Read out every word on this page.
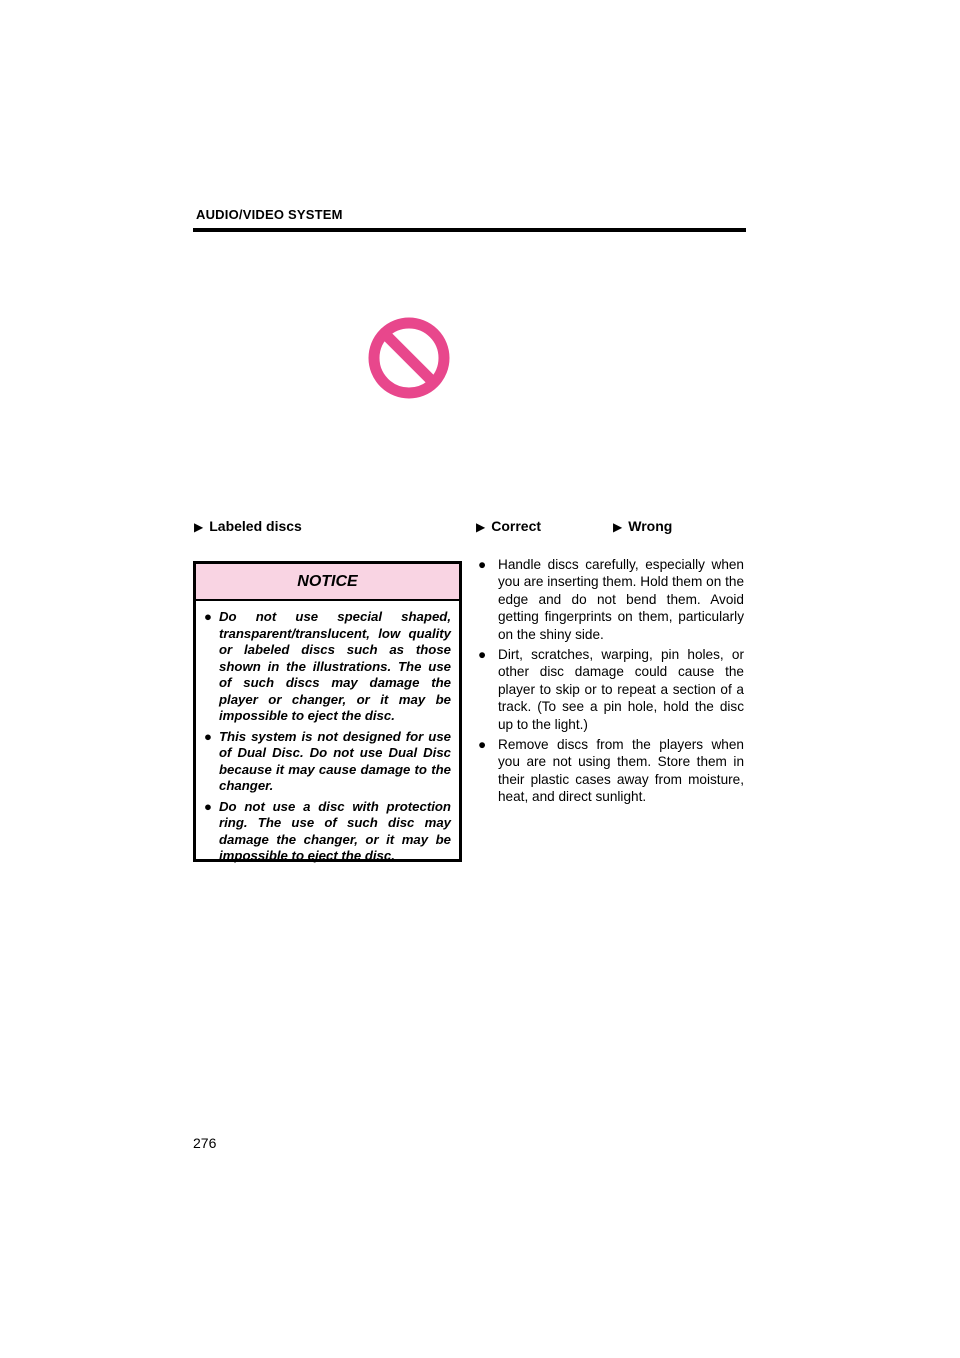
AUDIO/VIDEO SYSTEM
▶ Labeled discs	▶ Correct	▶ Wrong
NOTICE
● Do not use special shaped, transparent/translucent, low quality or labeled discs such as those shown in the illustrations. The use of such discs may damage the player or changer, or it may be impossible to eject the disc.
● This system is not designed for use of Dual Disc. Do not use Dual Disc because it may cause damage to the changer.
● Do not use a disc with protection ring. The use of such disc may damage the changer, or it may be impossible to eject the disc.
● Handle discs carefully, especially when you are inserting them. Hold them on the edge and do not bend them. Avoid getting fingerprints on them, particularly on the shiny side.
● Dirt, scratches, warping, pin holes, or other disc damage could cause the player to skip or to repeat a section of a track. (To see a pin hole, hold the disc up to the light.)
● Remove discs from the players when you are not using them. Store them in their plastic cases away from moisture, heat, and direct sunlight.
276
